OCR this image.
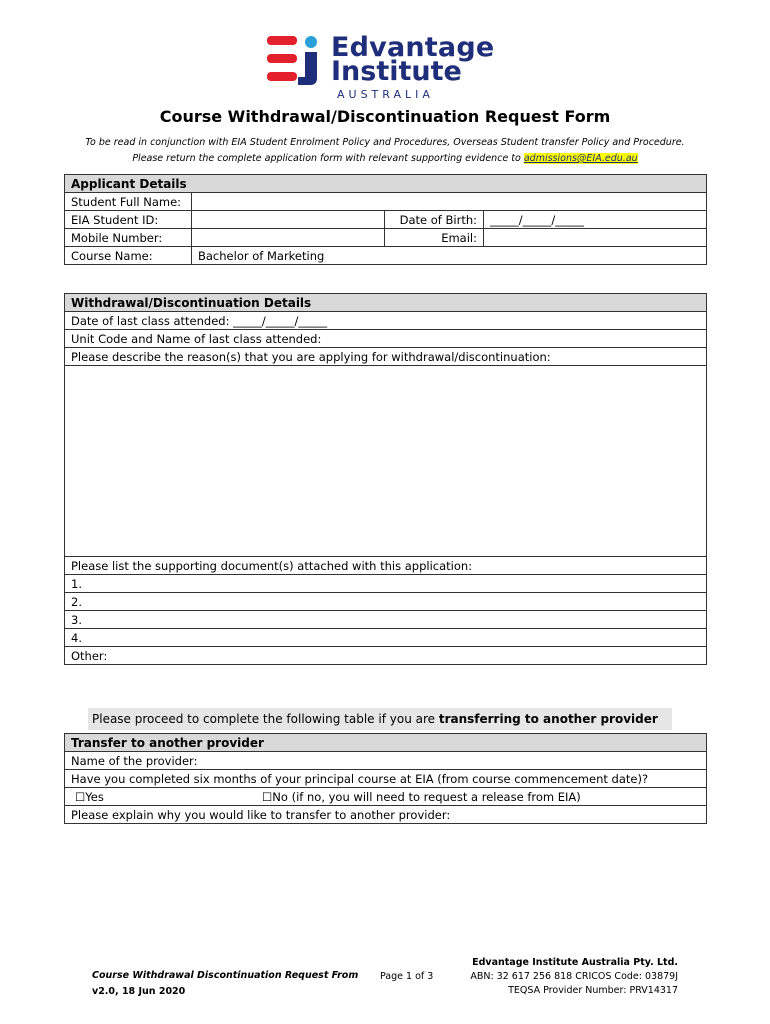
Edvantage
Institute
AUSTRALIA
Course Withdrawal/Discontinuation Request Form
To be read in conjunction with EIA Student Enrolment Policy and Procedures, Overseas Student transfer Policy and Procedure. Please return the complete application form with relevant supporting evidence to admissions@EIA.edu.au
Applicant Details			
Student Full Name:			
EIA Student ID:		Date of Birth:	_____/_____/_____
Mobile Number:		Email:	
Course Name:	Bachelor of Marketing		
Withdrawal/Discontinuation Details
Date of last class attended: _____/_____/_____
Unit Code and Name of last class attended:
Please describe the reason(s) that you are applying for withdrawal/discontinuation:

Please list the supporting document(s) attached with this application:
1.
2.
3.
4.
Other:
Please proceed to complete the following table if you are transferring to another provider
Transfer to another provider
Name of the provider:
Have you completed six months of your principal course at EIA (from course commencement date)?
☐Yes	☐No (if no, you will need to request a release from EIA)
Please explain why you would like to transfer to another provider:
Course Withdrawal Discontinuation Request From
v2.0, 18 Jun 2020
Page 1 of 3
Edvantage Institute Australia Pty. Ltd.
ABN: 32 617 256 818 CRICOS Code: 03879J
TEQSA Provider Number: PRV14317
